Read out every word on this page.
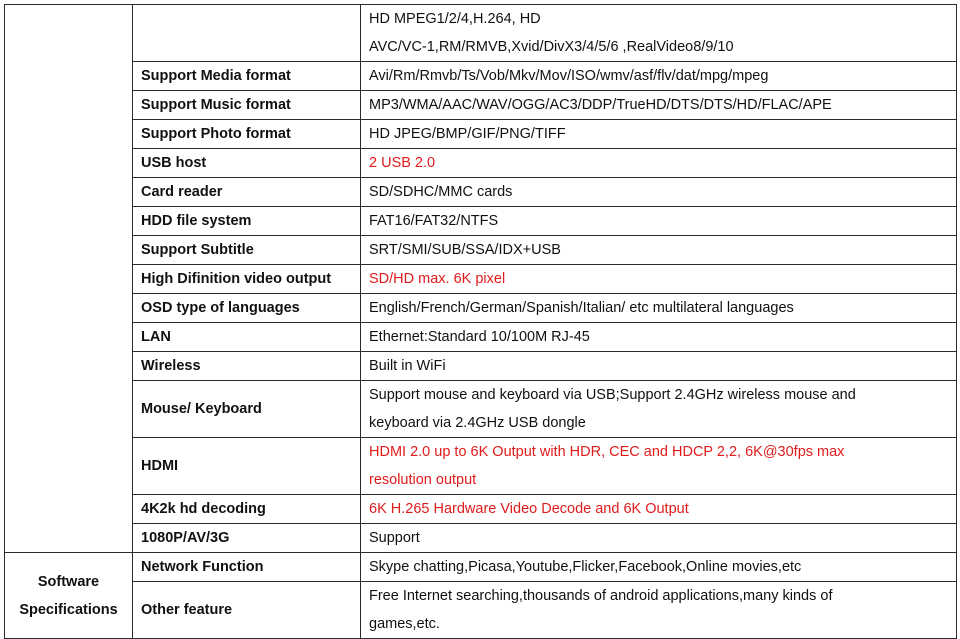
		HD MPEG1/2/4,H.264, HD
AVC/VC-1,RM/RMVB,Xvid/DivX3/4/5/6 ,RealVideo8/9/10

	Support Media format	Avi/Rm/Rmvb/Ts/Vob/Mkv/Mov/ISO/wmv/asf/flv/dat/mpg/mpeg

	Support Music format	MP3/WMA/AAC/WAV/OGG/AC3/DDP/TrueHD/DTS/DTS/HD/FLAC/APE

	Support Photo format	HD JPEG/BMP/GIF/PNG/TIFF

	USB host	2 USB 2.0

	Card reader	SD/SDHC/MMC cards

	HDD file system	FAT16/FAT32/NTFS

	Support Subtitle	SRT/SMI/SUB/SSA/IDX+USB

	High Difinition video output	SD/HD max. 6K pixel

	OSD type of languages	English/French/German/Spanish/Italian/ etc multilateral languages

	LAN	Ethernet:Standard 10/100M RJ-45

	Wireless	Built in WiFi

	Mouse/ Keyboard	Support mouse and keyboard via USB;Support 2.4GHz wireless mouse and
keyboard via 2.4GHz USB dongle

	HDMI	HDMI 2.0 up to 6K Output with HDR, CEC and HDCP 2,2, 6K@30fps max
resolution output

	4K2k hd decoding	6K H.265 Hardware Video Decode and 6K Output

	1080P/AV/3G	Support

Software
Specifications	Network Function	Skype chatting,Picasa,Youtube,Flicker,Facebook,Online movies,etc

	Other feature	Free Internet searching,thousands of android applications,many kinds of
games,etc.
